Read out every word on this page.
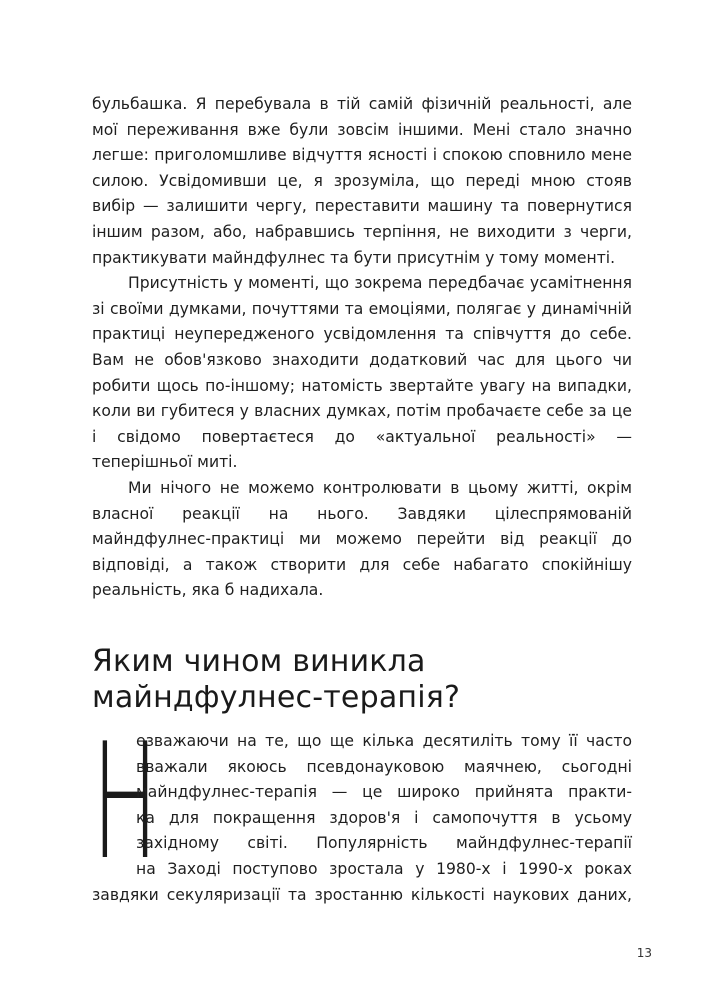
бульбашка. Я перебувала в тій самій фізичній реальності, але мої переживання вже були зовсім іншими. Мені стало значно легше: приголомшливе відчуття ясності і спокою сповнило мене силою. Усвідомивши це, я зрозуміла, що переді мною стояв вибір — залишити чергу, переставити машину та повернутися іншим разом, або, набравшись терпіння, не виходити з черги, практикувати майндфулнес та бути присутнім у тому моменті.

Присутність у моменті, що зокрема передбачає усамітнення зі своїми думками, почуттями та емоціями, полягає у динамічній практиці неупередженого усвідомлення та співчуття до себе. Вам не обов'язково знаходити додатковий час для цього чи робити щось по-іншому; натомість звертайте увагу на випадки, коли ви губитеся у власних думках, потім пробачаєте себе за це і свідомо повертаєтеся до «актуальної реальності» — теперішньої миті.

Ми нічого не можемо контролювати в цьому житті, окрім власної реакції на нього. Завдяки цілеспрямованій майндфулнес-практиці ми можемо перейти від реакції до відповіді, а також створити для себе набагато спокійнішу реальність, яка б надихала.

Яким чином виникла
майндфулнес-терапія?
Н
езважаючи на те, що ще кілька десятиліть тому її часто
вважали якоюсь псевдонауковою маячнею, сьогодні
майндфулнес-терапія — це широко прийнята практи-
ка для покращення здоров'я і самопочуття в усьому
західному світі. Популярність майндфулнес-терапії
на Заході поступово зростала у 1980-х і 1990-х роках
завдяки секуляризації та зростанню кількості наукових даних,
13
